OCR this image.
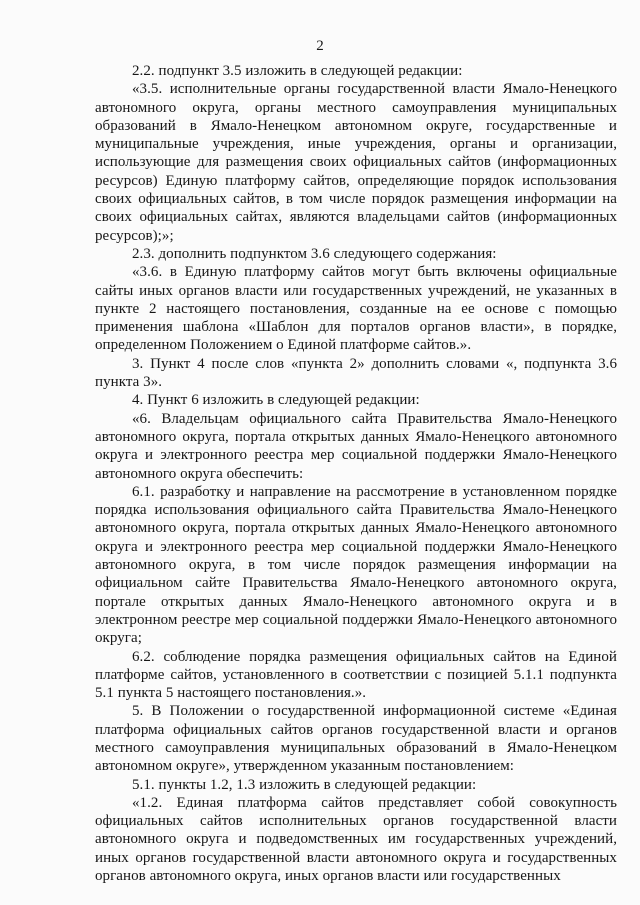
2

2.2. подпункт 3.5 изложить в следующей редакции:

«3.5. исполнительные органы государственной власти Ямало-Ненецкого автономного округа, органы местного самоуправления муниципальных образований в Ямало-Ненецком автономном округе, государственные и муниципальные учреждения, иные учреждения, органы и организации, использующие для размещения своих официальных сайтов (информационных ресурсов) Единую платформу сайтов, определяющие порядок использования своих официальных сайтов, в том числе порядок размещения информации на своих официальных сайтах, являются владельцами сайтов (информационных ресурсов);»;

2.3. дополнить подпунктом 3.6 следующего содержания:

«3.6. в Единую платформу сайтов могут быть включены официальные сайты иных органов власти или государственных учреждений, не указанных в пункте 2 настоящего постановления, созданные на ее основе с помощью применения шаблона «Шаблон для порталов органов власти», в порядке, определенном Положением о Единой платформе сайтов.».

3. Пункт 4 после слов «пункта 2» дополнить словами «, подпункта 3.6 пункта 3».

4. Пункт 6 изложить в следующей редакции:

«6. Владельцам официального сайта Правительства Ямало-Ненецкого автономного округа, портала открытых данных Ямало-Ненецкого автономного округа и электронного реестра мер социальной поддержки Ямало-Ненецкого автономного округа обеспечить:

6.1. разработку и направление на рассмотрение в установленном порядке порядка использования официального сайта Правительства Ямало-Ненецкого автономного округа, портала открытых данных Ямало-Ненецкого автономного округа и электронного реестра мер социальной поддержки Ямало-Ненецкого автономного округа, в том числе порядок размещения информации на официальном сайте Правительства Ямало-Ненецкого автономного округа, портале открытых данных Ямало-Ненецкого автономного округа и в электронном реестре мер социальной поддержки Ямало-Ненецкого автономного округа;

6.2. соблюдение порядка размещения официальных сайтов на Единой платформе сайтов, установленного в соответствии с позицией 5.1.1 подпункта 5.1 пункта 5 настоящего постановления.».

5. В Положении о государственной информационной системе «Единая платформа официальных сайтов органов государственной власти и органов местного самоуправления муниципальных образований в Ямало-Ненецком автономном округе», утвержденном указанным постановлением:

5.1. пункты 1.2, 1.3 изложить в следующей редакции:

«1.2. Единая платформа сайтов представляет собой совокупность официальных сайтов исполнительных органов государственной власти автономного округа и подведомственных им государственных учреждений, иных органов государственной власти автономного округа и государственных органов автономного округа, иных органов власти или государственных
